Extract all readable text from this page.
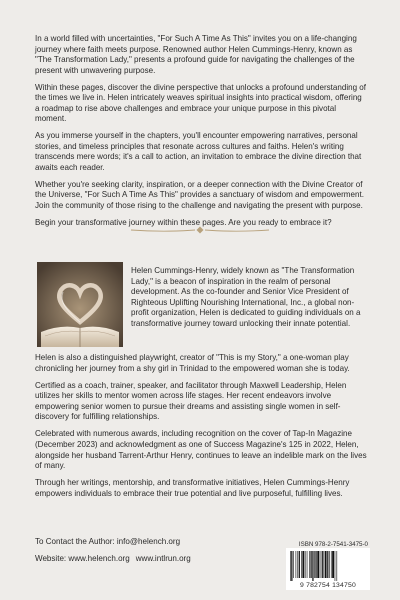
In a world filled with uncertainties, "For Such A Time As This" invites you on a life-changing journey where faith meets purpose. Renowned author Helen Cummings-Henry, known as "The Transformation Lady," presents a profound guide for navigating the challenges of the present with unwavering purpose.

Within these pages, discover the divine perspective that unlocks a profound understanding of the times we live in. Helen intricately weaves spiritual insights into practical wisdom, offering a roadmap to rise above challenges and embrace your unique purpose in this pivotal moment.

As you immerse yourself in the chapters, you'll encounter empowering narratives, personal stories, and timeless principles that resonate across cultures and faiths. Helen's writing transcends mere words; it's a call to action, an invitation to embrace the divine direction that awaits each reader.

Whether you're seeking clarity, inspiration, or a deeper connection with the Divine Creator of the Universe, "For Such A Time As This" provides a sanctuary of wisdom and empowerment. Join the community of those rising to the challenge and navigating the present with purpose.

Begin your transformative journey within these pages. Are you ready to embrace it?

Helen Cummings-Henry, widely known as "The Transformation Lady," is a beacon of inspiration in the realm of personal development. As the co-founder and Senior Vice President of Righteous Uplifting Nourishing International, Inc., a global non-profit organization, Helen is dedicated to guiding individuals on a transformative journey toward unlocking their innate potential.

Helen is also a distinguished playwright, creator of "This is my Story," a one-woman play chronicling her journey from a shy girl in Trinidad to the empowered woman she is today.

Certified as a coach, trainer, speaker, and facilitator through Maxwell Leadership, Helen utilizes her skills to mentor women across life stages. Her recent endeavors involve empowering senior women to pursue their dreams and assisting single women in self-discovery for fulfilling relationships.

Celebrated with numerous awards, including recognition on the cover of Tap-In Magazine (December 2023) and acknowledgment as one of Success Magazine's 125 in 2022, Helen, alongside her husband Tarrent-Arthur Henry, continues to leave an indelible mark on the lives of many.

Through her writings, mentorship, and transformative initiatives, Helen Cummings-Henry empowers individuals to embrace their true potential and live purposeful, fulfilling lives.

To Contact the Author: info@helench.org
Website: www.helench.org www.intlrun.org
ISBN 978-2-7541-3475-0
9 782754 134750
